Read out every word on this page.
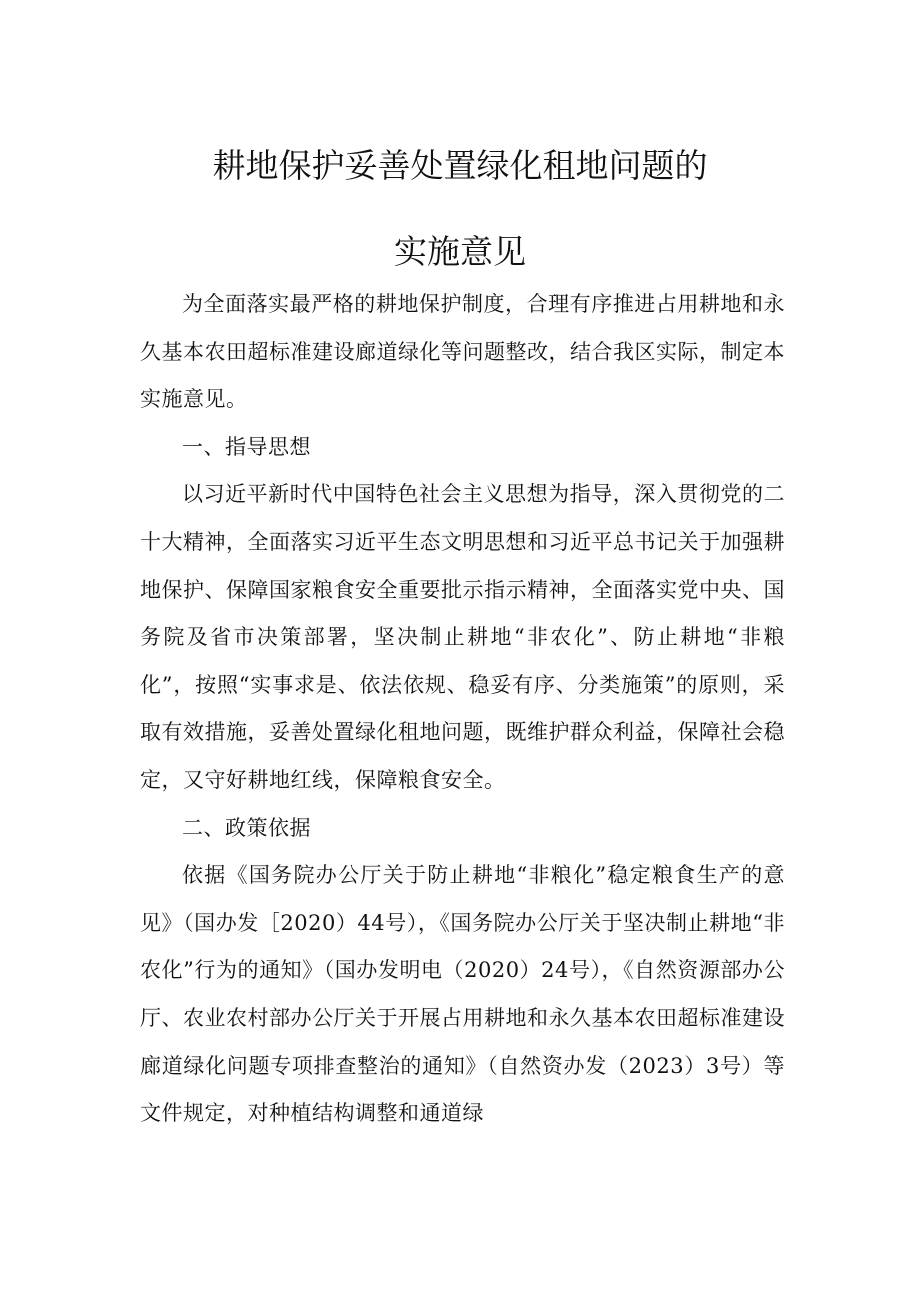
耕地保护妥善处置绿化租地问题的
实施意见

为全面落实最严格的耕地保护制度，合理有序推进占用耕地和永久基本农田超标准建设廊道绿化等问题整改，结合我区实际，制定本实施意见。

一、指导思想

以习近平新时代中国特色社会主义思想为指导，深入贯彻党的二十大精神，全面落实习近平生态文明思想和习近平总书记关于加强耕地保护、保障国家粮食安全重要批示指示精神，全面落实党中央、国务院及省市决策部署，坚决制止耕地“非农化”、防止耕地“非粮化”，按照“实事求是、依法依规、稳妥有序、分类施策”的原则，采取有效措施，妥善处置绿化租地问题，既维护群众利益，保障社会稳定，又守好耕地红线，保障粮食安全。

二、政策依据

依据《国务院办公厅关于防止耕地“非粮化”稳定粮食生产的意见》（国办发［2020）44号），《国务院办公厅关于坚决制止耕地“非农化”行为的通知》（国办发明电（2020）24号），《自然资源部办公厅、农业农村部办公厅关于开展占用耕地和永久基本农田超标准建设廊道绿化问题专项排查整治的通知》（自然资办发（2023）3号）等文件规定，对种植结构调整和通道绿
